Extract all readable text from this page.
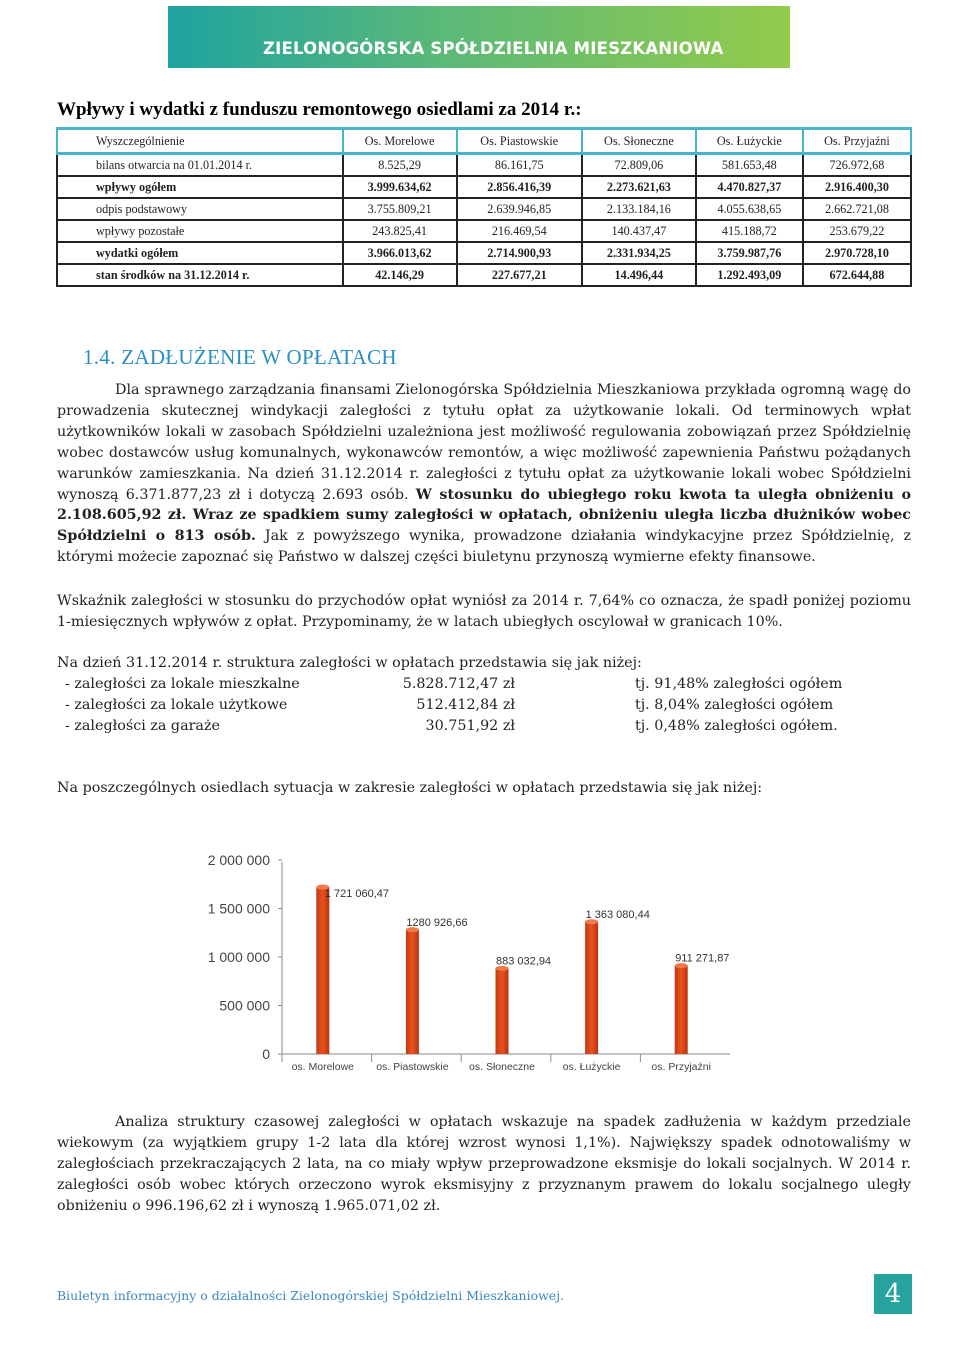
ZIELONOGÓRSKA SPÓŁDZIELNIA MIESZKANIOWA
Wpływy i wydatki z funduszu remontowego osiedlami za 2014 r.:
Wyszczególnienie	Os. Morelowe	Os. Piastowskie	Os. Słoneczne	Os. Łużyckie	Os. Przyjaźni
bilans otwarcia na 01.01.2014 r.	8.525,29	86.161,75	72.809,06	581.653,48	726.972,68
wpływy ogółem	3.999.634,62	2.856.416,39	2.273.621,63	4.470.827,37	2.916.400,30
odpis podstawowy	3.755.809,21	2.639.946,85	2.133.184,16	4.055.638,65	2.662.721,08
wpływy pozostałe	243.825,41	216.469,54	140.437,47	415.188,72	253.679,22
wydatki ogółem	3.966.013,62	2.714.900,93	2.331.934,25	3.759.987,76	2.970.728,10
stan środków na 31.12.2014 r.	42.146,29	227.677,21	14.496,44	1.292.493,09	672.644,88
1.4. ZADŁUŻENIE W OPŁATACH

Dla sprawnego zarządzania finansami Zielonogórska Spółdzielnia Mieszkaniowa przykłada ogromną wagę do prowadzenia skutecznej windykacji zaległości z tytułu opłat za użytkowanie lokali. Od terminowych wpłat użytkowników lokali w zasobach Spółdzielni uzależniona jest możliwość regulowania zobowiązań przez Spółdzielnię wobec dostawców usług komunalnych, wykonawców remontów, a więc możliwość zapewnienia Państwu pożądanych warunków zamieszkania. Na dzień 31.12.2014 r. zaległości z tytułu opłat za użytkowanie lokali wobec Spółdzielni wynoszą 6.371.877,23 zł i dotyczą 2.693 osób. W stosunku do ubiegłego roku kwota ta uległa obniżeniu o 2.108.605,92 zł. Wraz ze spadkiem sumy zaległości w opłatach, obniżeniu uległa liczba dłużników wobec Spółdzielni o 813 osób. Jak z powyższego wynika, prowadzone działania windykacyjne przez Spółdzielnię, z którymi możecie zapoznać się Państwo w dalszej części biuletynu przynoszą wymierne efekty finansowe.

Wskaźnik zaległości w stosunku do przychodów opłat wyniósł za 2014 r. 7,64% co oznacza, że spadł poniżej poziomu 1-miesięcznych wpływów z opłat. Przypominamy, że w latach ubiegłych oscylował w granicach 10%.

Na dzień 31.12.2014 r. struktura zaległości w opłatach przedstawia się jak niżej:

- zaległości za lokale mieszkalne	5.828.712,47 zł	tj. 91,48% zaległości ogółem
- zaległości za lokale użytkowe	512.412,84 zł	tj. 8,04% zaległości ogółem
- zaległości za garaże	30.751,92 zł	tj. 0,48% zaległości ogółem.

Na poszczególnych osiedlach sytuacja w zakresie zaległości w opłatach przedstawia się jak niżej:

0
500 000
1 000 000
1 500 000
2 000 000
1 721 060,47
os. Morelowe
1280 926,66
os. Piastowskie
883 032,94
os. Słoneczne
1 363 080,44
os. Łużyckie
911 271,87
os. Przyjaźni

Analiza struktury czasowej zaległości w opłatach wskazuje na spadek zadłużenia w każdym przedziale wiekowym (za wyjątkiem grupy 1-2 lata dla której wzrost wynosi 1,1%). Największy spadek odnotowaliśmy w zaległościach przekraczających 2 lata, na co miały wpływ przeprowadzone eksmisje do lokali socjalnych. W 2014 r. zaległości osób wobec których orzeczono wyrok eksmisyjny z przyznanym prawem do lokalu socjalnego uległy obniżeniu o 996.196,62 zł i wynoszą 1.965.071,02 zł.

Biuletyn informacyjny o działalności Zielonogórskiej Spółdzielni Mieszkaniowej.	4
